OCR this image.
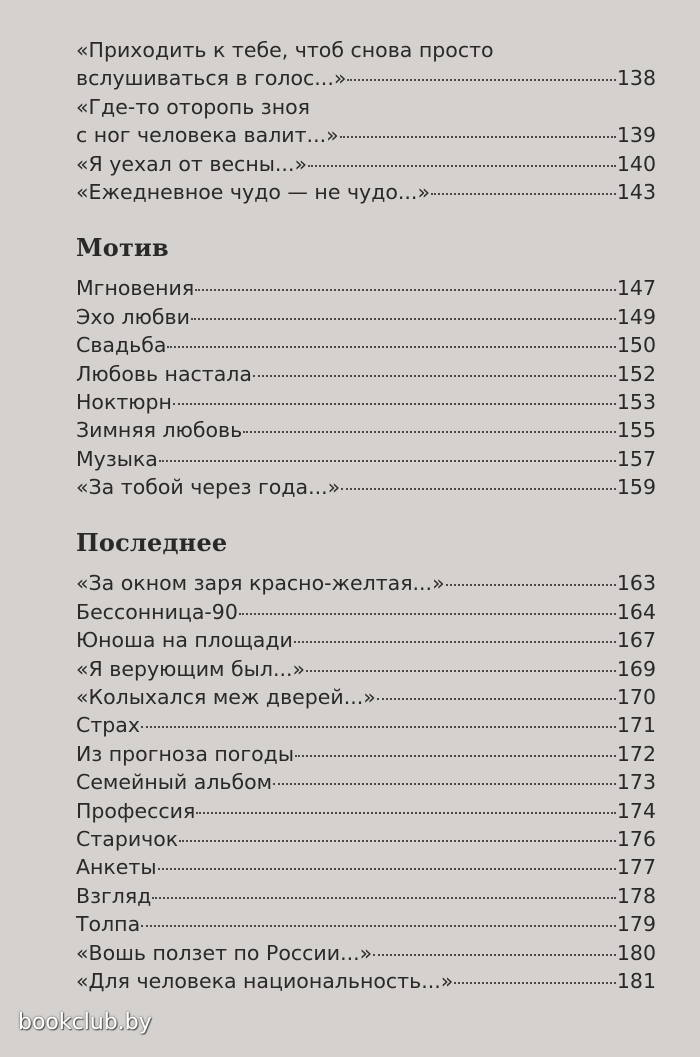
«Приходить к тебе, чтоб снова просто
вслушиваться в голос...»	138
«Где-то оторопь зноя
с ног человека валит...»	139
«Я уехал от весны...»	140
«Ежедневное чудо — не чудо...»	143
Мотив
Мгновения	147
Эхо любви	149
Свадьба	150
Любовь настала	152
Ноктюрн	153
Зимняя любовь	155
Музыка	157
«За тобой через года...»	159
Последнее
«За окном заря красно-желтая...»	163
Бессонница-90	164
Юноша на площади	167
«Я верующим был...»	169
«Колыхался меж дверей...»	170
Страх	171
Из прогноза погоды	172
Семейный альбом	173
Профессия	174
Старичок	176
Анкеты	177
Взгляд	178
Толпа	179
«Вошь ползет по России...»	180
«Для человека национальность...»	181
bookclub.by
